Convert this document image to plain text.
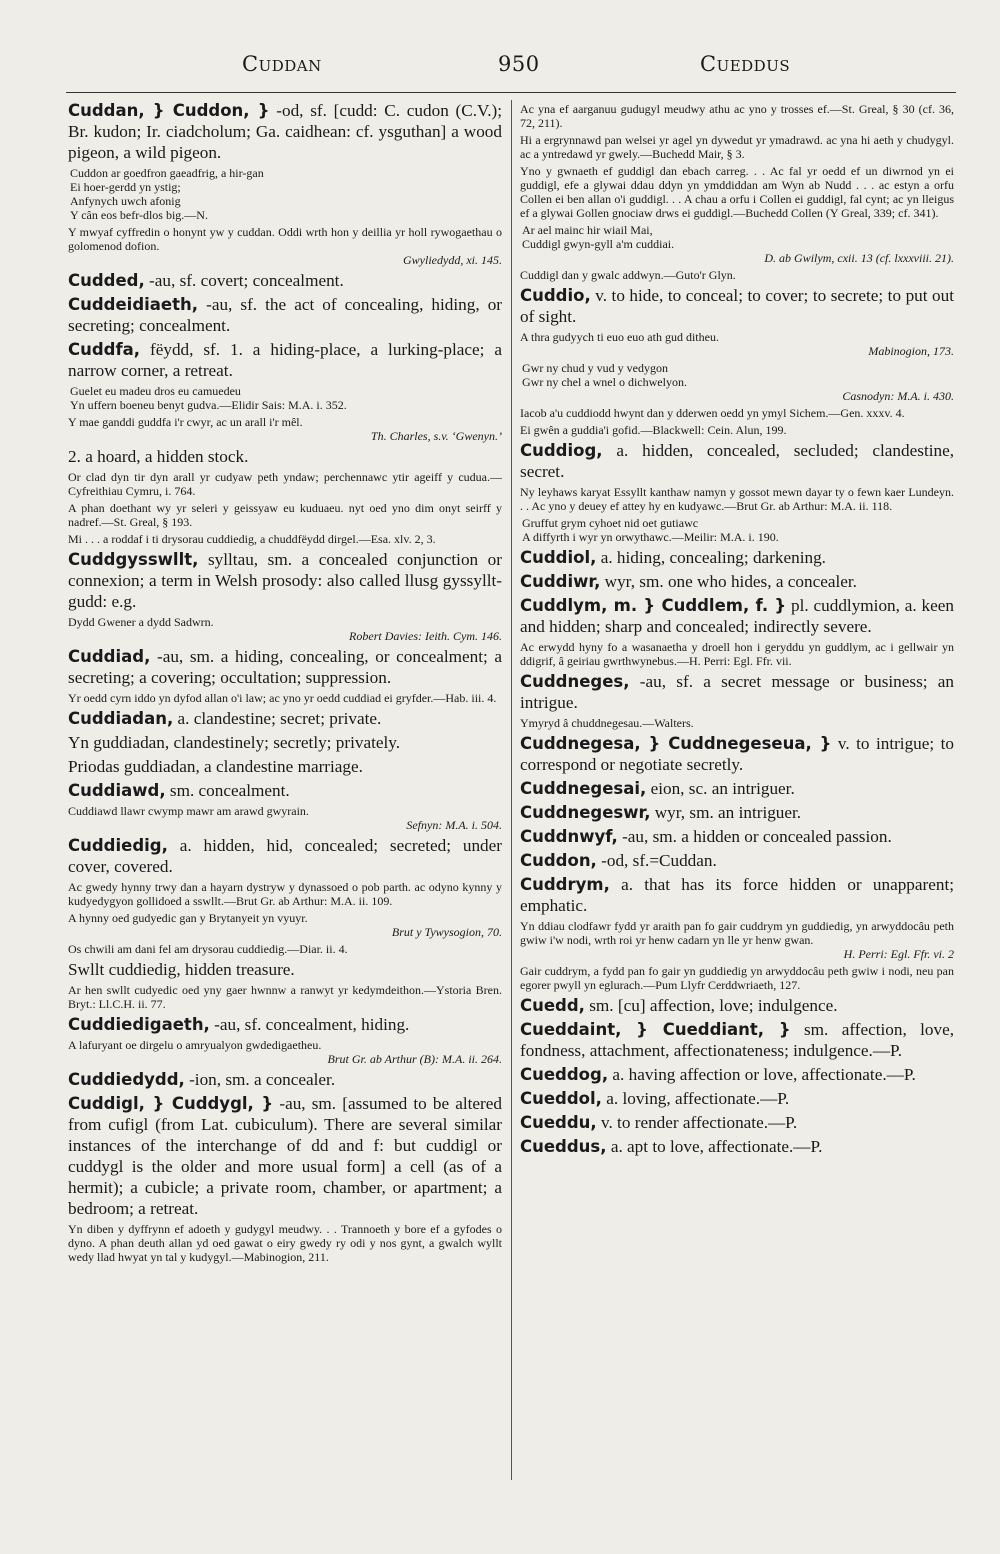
Cuddan	950	Cueddus
Cuddan, } Cuddon, } -od, sf. [cudd: C. cudon (C.V.); Br. kudon; Ir. ciadcholum; Ga. caidhean: cf. ysguthan] a wood pigeon, a wild pigeon.
Cuddon ar goedfron gaeadfrig, a hir-gan
Ei hoer-gerdd yn ystig;
Anfynych uwch afonig
Y cân eos befr-dlos big.—N.
Y mwyaf cyffredin o honynt yw y cuddan. Oddi wrth hon y deillia yr holl rywogaethau o golomenod dofion.
Gwyliedydd, xi. 145.
Cudded, -au, sf. covert; concealment.
Cuddeidiaeth, -au, sf. the act of concealing, hiding, or secreting; concealment.
Cuddfa, fëydd, sf. 1. a hiding-place, a lurking-place; a narrow corner, a retreat.
Guelet eu madeu dros eu camuedeu
Yn uffern boeneu benyt gudva.—Elidir Sais: M.A. i. 352.
Y mae ganddi guddfa i'r cwyr, ac un arall i'r mêl.
Th. Charles, s.v. ‘Gwenyn.’
2. a hoard, a hidden stock.
Or clad dyn tir dyn arall yr cudyaw peth yndaw; perchennawc ytir ageiff y cudua.—Cyfreithiau Cymru, i. 764.
A phan doethant wy yr seleri y geissyaw eu kuduaeu. nyt oed yno dim onyt seirff y nadref.—St. Greal, § 193.
Mi . . . a roddaf i ti drysorau cuddiedig, a chuddfëydd dirgel.—Esa. xlv. 2, 3.
Cuddgysswllt, sylltau, sm. a concealed conjunction or connexion; a term in Welsh prosody: also called llusg gyssyllt-gudd: e.g.
Dydd Gwener a dydd Sadwrn.
Robert Davies: Ieith. Cym. 146.
Cuddiad, -au, sm. a hiding, concealing, or concealment; a secreting; a covering; occultation; suppression.
Yr oedd cyrn iddo yn dyfod allan o'i law; ac yno yr oedd cuddiad ei gryfder.—Hab. iii. 4.
Cuddiadan, a. clandestine; secret; private.
Yn guddiadan, clandestinely; secretly; privately.
Priodas guddiadan, a clandestine marriage.
Cuddiawd, sm. concealment.
Cuddiawd llawr cwymp mawr am arawd gwyrain.
Sefnyn: M.A. i. 504.
Cuddiedig, a. hidden, hid, concealed; secreted; under cover, covered.
Ac gwedy hynny trwy dan a hayarn dystryw y dynassoed o pob parth. ac odyno kynny y kudyedygyon gollidoed a sswllt.—Brut Gr. ab Arthur: M.A. ii. 109.
A hynny oed gudyedic gan y Brytanyeit yn vyuyr.
Brut y Tywysogion, 70.
Os chwili am dani fel am drysorau cuddiedig.—Diar. ii. 4.
Swllt cuddiedig, hidden treasure.
Ar hen swllt cudyedic oed yny gaer hwnnw a ranwyt yr kedymdeithon.—Ystoria Bren. Bryt.: Ll.C.H. ii. 77.
Cuddiedigaeth, -au, sf. concealment, hiding.
A lafuryant oe dirgelu o amryualyon gwdedigaetheu.
Brut Gr. ab Arthur (B): M.A. ii. 264.
Cuddiedydd, -ion, sm. a concealer.
Cuddigl, } Cuddygl, } -au, sm. [assumed to be altered from cufigl (from Lat. cubiculum). There are several similar instances of the interchange of dd and f: but cuddigl or cuddygl is the older and more usual form] a cell (as of a hermit); a cubicle; a private room, chamber, or apartment; a bedroom; a retreat.
Yn diben y dyffrynn ef adoeth y gudygyl meudwy. . . Trannoeth y bore ef a gyfodes o dyno. A phan deuth allan yd oed gawat o eiry gwedy ry odi y nos gynt, a gwalch wyllt wedy llad hwyat yn tal y kudygyl.—Mabinogion, 211.
Ac yna ef aarganuu gudugyl meudwy athu ac yno y trosses ef.—St. Greal, § 30 (cf. 36, 72, 211).
Hi a ergrynnawd pan welsei yr agel yn dywedut yr ymadrawd. ac yna hi aeth y chudygyl. ac a yntredawd yr gwely.—Buchedd Mair, § 3.
Yno y gwnaeth ef guddigl dan ebach carreg. . . Ac fal yr oedd ef un diwrnod yn ei guddigl, efe a glywai ddau ddyn yn ymddiddan am Wyn ab Nudd . . . ac estyn a orfu Collen ei ben allan o'i guddigl. . . A chau a orfu i Collen ei guddigl, fal cynt; ac yn lleigus ef a glywai Gollen gnociaw drws ei guddigl.—Buchedd Collen (Y Greal, 339; cf. 341).
Ar ael mainc hir wiail Mai,
Cuddigl gwyn-gyll a'm cuddiai.
D. ab Gwilym, cxii. 13 (cf. lxxxviii. 21).
Cuddigl dan y gwalc addwyn.—Guto'r Glyn.
Cuddio, v. to hide, to conceal; to cover; to secrete; to put out of sight.
A thra gudyych ti euo euo ath gud ditheu.
Mabinogion, 173.
Gwr ny chud y vud y vedygon
Gwr ny chel a wnel o dichwelyon.
Casnodyn: M.A. i. 430.
Iacob a'u cuddiodd hwynt dan y dderwen oedd yn ymyl Sichem.—Gen. xxxv. 4.
Ei gwên a guddia'i gofid.—Blackwell: Cein. Alun, 199.
Cuddiog, a. hidden, concealed, secluded; clandestine, secret.
Ny leyhaws karyat Essyllt kanthaw namyn y gossot mewn dayar ty o fewn kaer Lundeyn. . . Ac yno y deuey ef attey hy en kudyawc.—Brut Gr. ab Arthur: M.A. ii. 118.
Gruffut grym cyhoet nid oet gutiawc
A diffyrth i wyr yn orwythawc.—Meilir: M.A. i. 190.
Cuddiol, a. hiding, concealing; darkening.
Cuddiwr, wyr, sm. one who hides, a concealer.
Cuddlym, m. } Cuddlem, f. } pl. cuddlymion, a. keen and hidden; sharp and concealed; indirectly severe.
Ac erwydd hyny fo a wasanaetha y droell hon i geryddu yn guddlym, ac i gellwair yn ddigrif, â geiriau gwrthwynebus.—H. Perri: Egl. Ffr. vii.
Cuddneges, -au, sf. a secret message or business; an intrigue.
Ymyryd â chuddnegesau.—Walters.
Cuddnegesa, } Cuddnegeseua, } v. to intrigue; to correspond or negotiate secretly.
Cuddnegesai, eion, sc. an intriguer.
Cuddnegeswr, wyr, sm. an intriguer.
Cuddnwyf, -au, sm. a hidden or concealed passion.
Cuddon, -od, sf.=Cuddan.
Cuddrym, a. that has its force hidden or unapparent; emphatic.
Yn ddiau clodfawr fydd yr araith pan fo gair cuddrym yn guddiedig, yn arwyddocâu peth gwiw i'w nodi, wrth roi yr henw cadarn yn lle yr henw gwan.
H. Perri: Egl. Ffr. vi. 2
Gair cuddrym, a fydd pan fo gair yn guddiedig yn arwyddocâu peth gwiw i nodi, neu pan egorer pwyll yn eglurach.—Pum Llyfr Cerddwriaeth, 127.
Cuedd, sm. [cu] affection, love; indulgence.
Cueddaint, } Cueddiant, } sm. affection, love, fondness, attachment, affectionateness; indulgence.—P.
Cueddog, a. having affection or love, affectionate.—P.
Cueddol, a. loving, affectionate.—P.
Cueddu, v. to render affectionate.—P.
Cueddus, a. apt to love, affectionate.—P.
